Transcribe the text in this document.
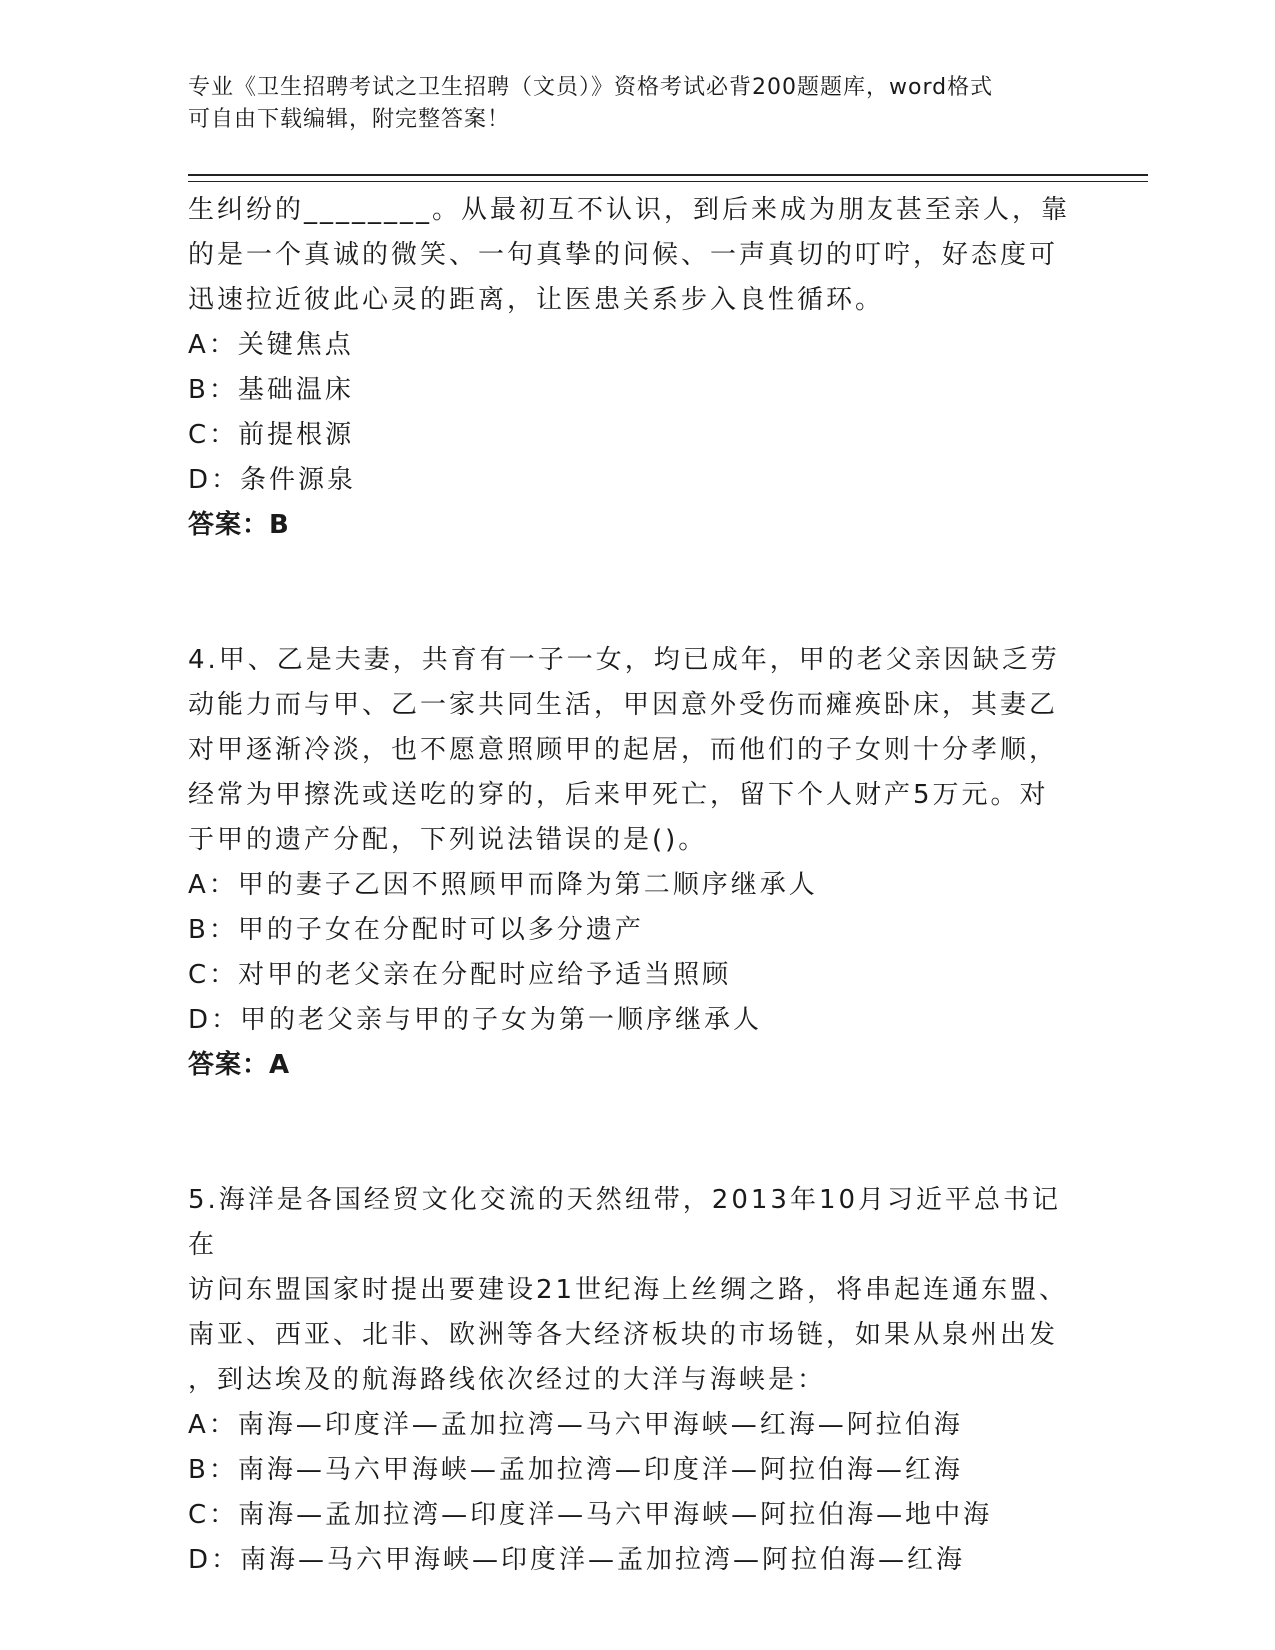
专业《卫生招聘考试之卫生招聘（文员）》资格考试必背200题题库，word格式
可自由下载编辑，附完整答案！

生纠纷的________。从最初互不认识，到后来成为朋友甚至亲人，靠

的是一个真诚的微笑、一句真挚的问候、一声真切的叮咛，好态度可

迅速拉近彼此心灵的距离，让医患关系步入良性循环。

A：关键焦点

B：基础温床

C：前提根源

D：条件源泉

答案：B

4.甲、乙是夫妻，共育有一子一女，均已成年，甲的老父亲因缺乏劳

动能力而与甲、乙一家共同生活，甲因意外受伤而瘫痪卧床，其妻乙

对甲逐渐冷淡，也不愿意照顾甲的起居，而他们的子女则十分孝顺，

经常为甲擦洗或送吃的穿的，后来甲死亡，留下个人财产5万元。对

于甲的遗产分配，下列说法错误的是()。

A：甲的妻子乙因不照顾甲而降为第二顺序继承人

B：甲的子女在分配时可以多分遗产

C：对甲的老父亲在分配时应给予适当照顾

D：甲的老父亲与甲的子女为第一顺序继承人

答案：A

5.海洋是各国经贸文化交流的天然纽带，2013年10月习近平总书记在

访问东盟国家时提出要建设21世纪海上丝绸之路，将串起连通东盟、

南亚、西亚、北非、欧洲等各大经济板块的市场链，如果从泉州出发

，到达埃及的航海路线依次经过的大洋与海峡是：

A：南海—印度洋—孟加拉湾—马六甲海峡—红海—阿拉伯海

B：南海—马六甲海峡—孟加拉湾—印度洋—阿拉伯海—红海

C：南海—孟加拉湾—印度洋—马六甲海峡—阿拉伯海—地中海

D：南海—马六甲海峡—印度洋—孟加拉湾—阿拉伯海—红海
